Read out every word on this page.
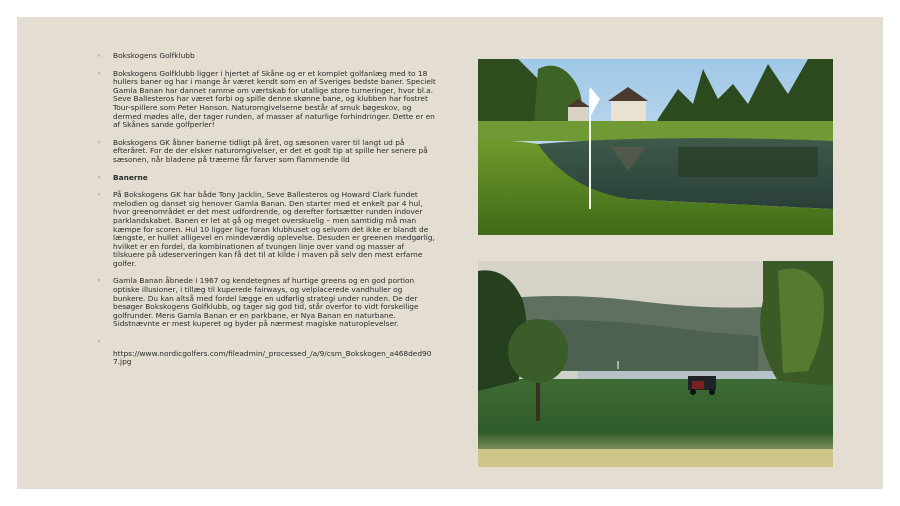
◦ Bokskogens Golfklubb

◦ Bokskogens Golfklubb ligger i hjertet af Skåne og er et komplet golfanlæg med to 18 hullers baner og har i mange år været kendt som en af Sveriges bedste baner. Specielt Gamla Banan har dannet ramme om værtskab for utallige store turneringer, hvor bl.a. Seve Ballesteros har været forbi og spille denne skønne bane, og klubben har fostret Tour-spillere som Peter Hanson. Naturomgivelserne består af smuk bøgeskov, og dermed mødes alle, der tager runden, af masser af naturlige forhindringer. Dette er en af Skånes sande golfperler!

◦ Bokskogens GK åbner banerne tidligt på året, og sæsonen varer til langt ud på efteråret. For de der elsker naturomgivelser, er det et godt tip at spille her senere på sæsonen, når bladene på træerne får farver som flammende ild

◦ Banerne

◦ På Bokskogens GK har både Tony Jacklin, Seve Ballesteros og Howard Clark fundet melodien og danset sig henover Gamla Banan. Den starter med et enkelt par 4 hul, hvor greenområdet er det mest udfordrende, og derefter fortsætter runden indover parklandskabet. Banen er let at gå og meget overskuelig – men samtidig må man kæmpe for scoren. Hul 10 ligger lige foran klubhuset og selvom det ikke er blandt de længste, er hullet alligevel en mindeværdig oplevelse. Desuden er greenen medgørlig, hvilket er en fordel, da kombinationen af tvungen linje over vand og masser af tilskuere på udeserveringen kan få det til at kilde i maven på selv den mest erfarne golfer.

◦ Gamla Banan åbnede i 1967 og kendetegnes af hurtige greens og en god portion optiske illusioner, i tillæg til kuperede fairways, og velplacerede vandhuller og bunkere. Du kan altså med fordel lægge en udførlig strategi under runden. De der besøger Bokskogens Golfklubb, og tager sig god tid, står overfor to vidt forskellige golfrunder. Mens Gamla Banan er en parkbane, er Nya Banan en naturbane. Sidstnævnte er mest kuperet og byder på nærmest magiske naturoplevelser.

◦

https://www.nordicgolfers.com/fileadmin/_processed_/a/9/csm_Bokskogen_a468ded907.jpg
